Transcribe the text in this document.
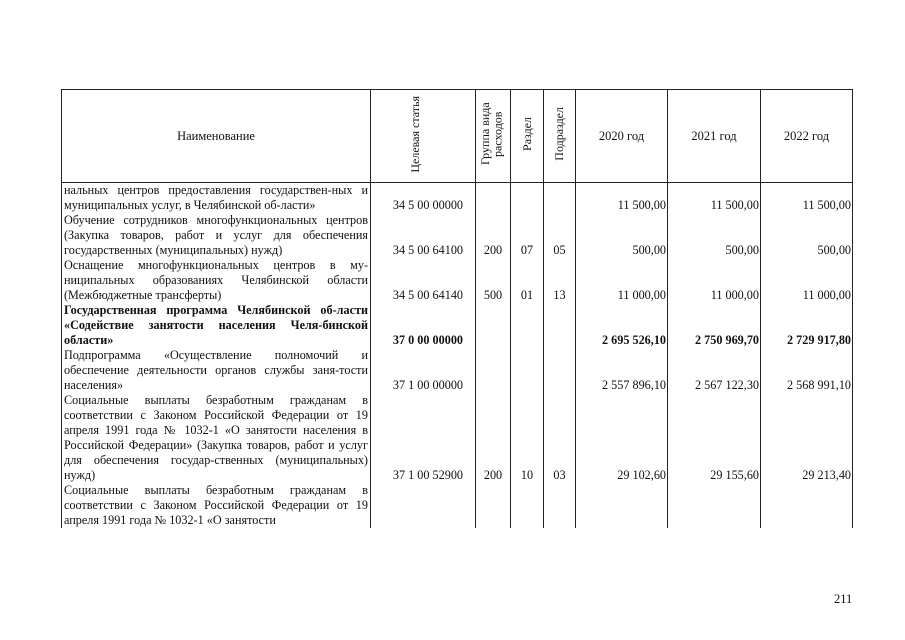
Наименование	Целевая статья	Группа вида расходов	Раздел	Подраздел	2020 год	2021 год	2022 год
нальных центров предоставления государствен-ных и муниципальных услуг, в Челябинской об-ласти»	34 5 00 00000				11 500,00	11 500,00	11 500,00
Обучение сотрудников многофункциональных центров (Закупка товаров, работ и услуг для обеспечения государственных (муниципальных) нужд)	34 5 00 64100	200	07	05	500,00	500,00	500,00
Оснащение многофункциональных центров в му-ниципальных образованиях Челябинской области (Межбюджетные трансферты)	34 5 00 64140	500	01	13	11 000,00	11 000,00	11 000,00
Государственная программа Челябинской об-ласти «Содействие занятости населения Челя-бинской области»	37 0 00 00000				2 695 526,10	2 750 969,70	2 729 917,80
Подпрограмма «Осуществление полномочий и обеспечение деятельности органов службы заня-тости населения»	37 1 00 00000				2 557 896,10	2 567 122,30	2 568 991,10
Социальные выплаты безработным гражданам в соответствии с Законом Российской Федерации от 19 апреля 1991 года № 1032-1 «О занятости населения в Российской Федерации» (Закупка товаров, работ и услуг для обеспечения государ-ственных (муниципальных) нужд)	37 1 00 52900	200	10	03	29 102,60	29 155,60	29 213,40
Социальные выплаты безработным гражданам в соответствии с Законом Российской Федерации от 19 апреля 1991 года № 1032-1 «О занятости							
211
